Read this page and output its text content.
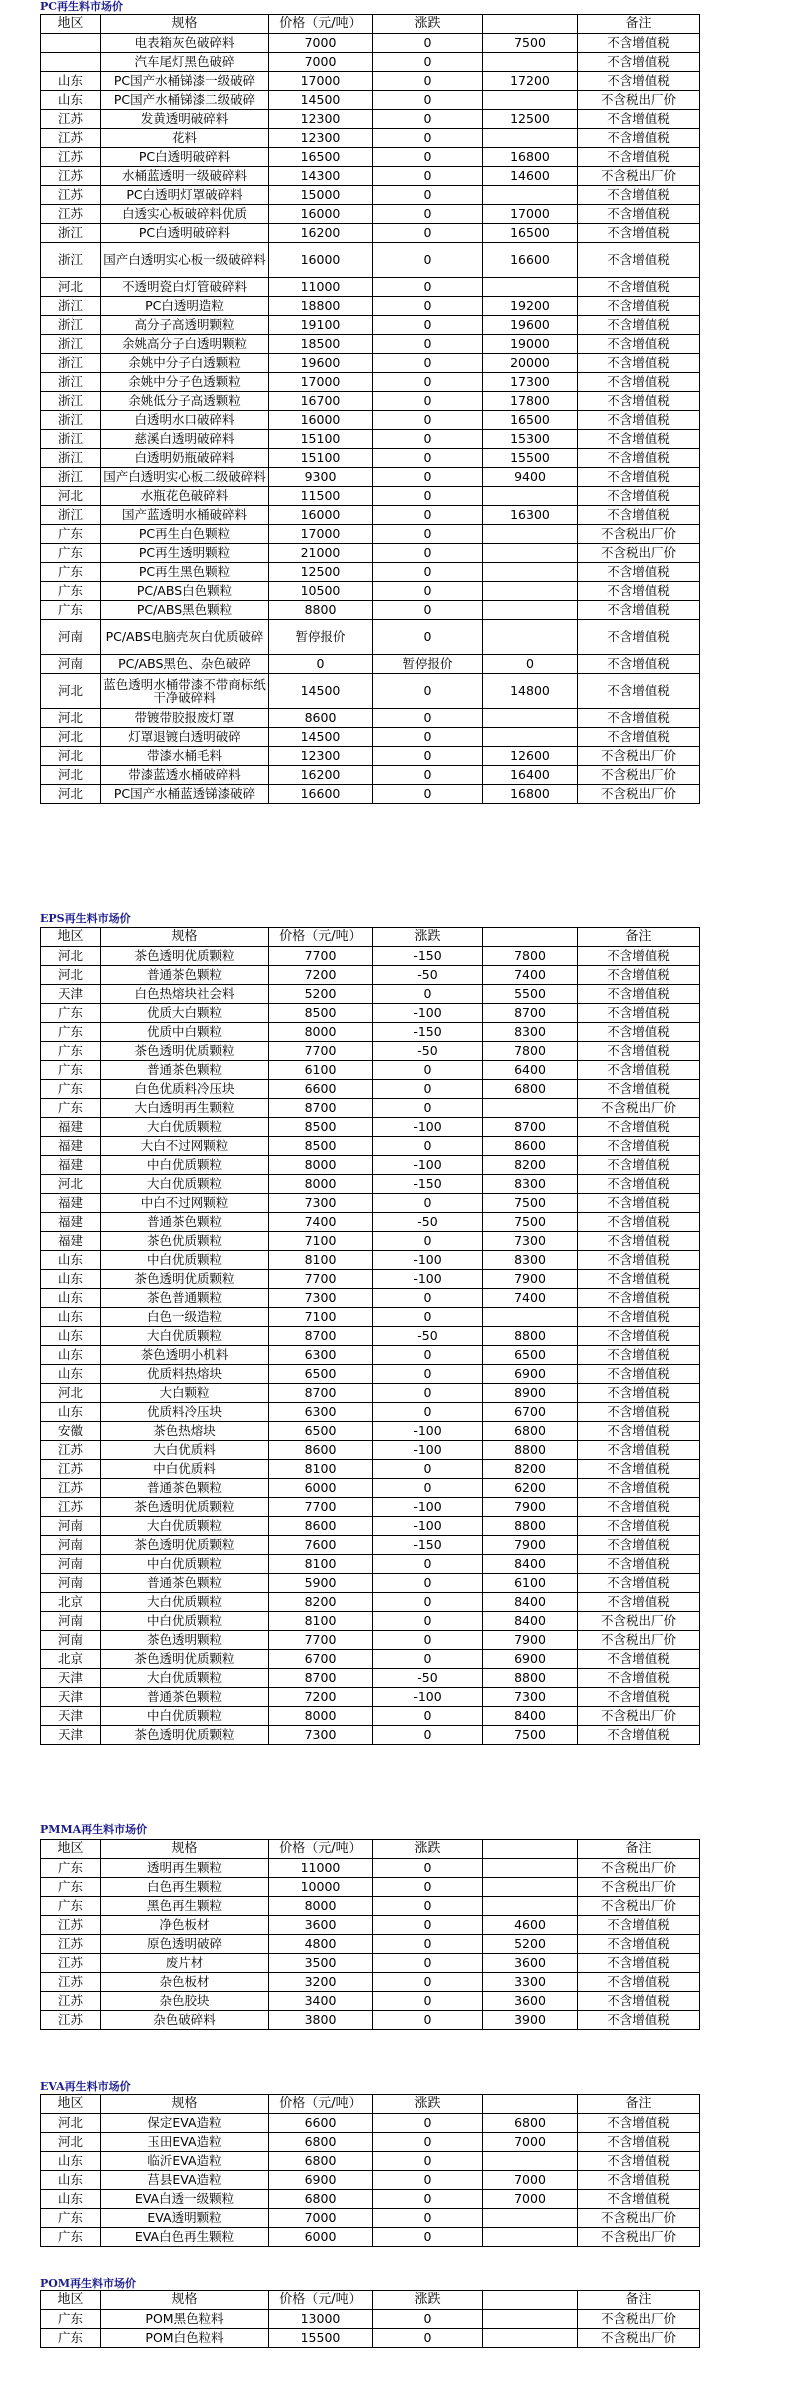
PC再生料市场价
地区	规格	价格（元/吨）	涨跌		备注
	电表箱灰色破碎料	7000	0	7500	不含增值税
	汽车尾灯黑色破碎	7000	0		不含增值税
山东	PC国产水桶锑漆一级破碎	17000	0	17200	不含增值税
山东	PC国产水桶锑漆二级破碎	14500	0		不含税出厂价
江苏	发黄透明破碎料	12300	0	12500	不含增值税
江苏	花料	12300	0		不含增值税
江苏	PC白透明破碎料	16500	0	16800	不含增值税
江苏	水桶蓝透明一级破碎料	14300	0	14600	不含税出厂价
江苏	PC白透明灯罩破碎料	15000	0		不含增值税
江苏	白透实心板破碎料优质	16000	0	17000	不含增值税
浙江	PC白透明破碎料	16200	0	16500	不含增值税
浙江	国产白透明实心板一级破碎料	16000	0	16600	不含增值税
河北	不透明瓷白灯管破碎料	11000	0		不含增值税
浙江	PC白透明造粒	18800	0	19200	不含增值税
浙江	高分子高透明颗粒	19100	0	19600	不含增值税
浙江	余姚高分子白透明颗粒	18500	0	19000	不含增值税
浙江	余姚中分子白透颗粒	19600	0	20000	不含增值税
浙江	余姚中分子色透颗粒	17000	0	17300	不含增值税
浙江	余姚低分子高透颗粒	16700	0	17800	不含增值税
浙江	白透明水口破碎料	16000	0	16500	不含增值税
浙江	慈溪白透明破碎料	15100	0	15300	不含增值税
浙江	白透明奶瓶破碎料	15100	0	15500	不含增值税
浙江	国产白透明实心板二级破碎料	9300	0	9400	不含增值税
河北	水瓶花色破碎料	11500	0		不含增值税
浙江	国产蓝透明水桶破碎料	16000	0	16300	不含增值税
广东	PC再生白色颗粒	17000	0		不含税出厂价
广东	PC再生透明颗粒	21000	0		不含税出厂价
广东	PC再生黑色颗粒	12500	0		不含增值税
广东	PC/ABS白色颗粒	10500	0		不含增值税
广东	PC/ABS黑色颗粒	8800	0		不含增值税
河南	PC/ABS电脑壳灰白优质破碎	暂停报价	0		不含增值税
河南	PC/ABS黑色、杂色破碎	0	暂停报价	0	不含增值税
河北	蓝色透明水桶带漆不带商标纸干净破碎料	14500	0	14800	不含增值税
河北	带镀带胶报废灯罩	8600	0		不含增值税
河北	灯罩退镀白透明破碎	14500	0		不含增值税
河北	带漆水桶毛料	12300	0	12600	不含税出厂价
河北	带漆蓝透水桶破碎料	16200	0	16400	不含税出厂价
河北	PC国产水桶蓝透锑漆破碎	16600	0	16800	不含税出厂价
EPS再生料市场价
地区	规格	价格（元/吨）	涨跌		备注
河北	茶色透明优质颗粒	7700	-150	7800	不含增值税
河北	普通茶色颗粒	7200	-50	7400	不含增值税
天津	白色热熔块社会料	5200	0	5500	不含增值税
广东	优质大白颗粒	8500	-100	8700	不含增值税
广东	优质中白颗粒	8000	-150	8300	不含增值税
广东	茶色透明优质颗粒	7700	-50	7800	不含增值税
广东	普通茶色颗粒	6100	0	6400	不含增值税
广东	白色优质料冷压块	6600	0	6800	不含增值税
广东	大白透明再生颗粒	8700	0		不含税出厂价
福建	大白优质颗粒	8500	-100	8700	不含增值税
福建	大白不过网颗粒	8500	0	8600	不含增值税
福建	中白优质颗粒	8000	-100	8200	不含增值税
河北	大白优质颗粒	8000	-150	8300	不含增值税
福建	中白不过网颗粒	7300	0	7500	不含增值税
福建	普通茶色颗粒	7400	-50	7500	不含增值税
福建	茶色优质颗粒	7100	0	7300	不含增值税
山东	中白优质颗粒	8100	-100	8300	不含增值税
山东	茶色透明优质颗粒	7700	-100	7900	不含增值税
山东	茶色普通颗粒	7300	0	7400	不含增值税
山东	白色一级造粒	7100	0		不含增值税
山东	大白优质颗粒	8700	-50	8800	不含增值税
山东	茶色透明小机料	6300	0	6500	不含增值税
山东	优质料热熔块	6500	0	6900	不含增值税
河北	大白颗粒	8700	0	8900	不含增值税
山东	优质料冷压块	6300	0	6700	不含增值税
安徽	茶色热熔块	6500	-100	6800	不含增值税
江苏	大白优质料	8600	-100	8800	不含增值税
江苏	中白优质料	8100	0	8200	不含增值税
江苏	普通茶色颗粒	6000	0	6200	不含增值税
江苏	茶色透明优质颗粒	7700	-100	7900	不含增值税
河南	大白优质颗粒	8600	-100	8800	不含增值税
河南	茶色透明优质颗粒	7600	-150	7900	不含增值税
河南	中白优质颗粒	8100	0	8400	不含增值税
河南	普通茶色颗粒	5900	0	6100	不含增值税
北京	大白优质颗粒	8200	0	8400	不含增值税
河南	中白优质颗粒	8100	0	8400	不含税出厂价
河南	茶色透明颗粒	7700	0	7900	不含税出厂价
北京	茶色透明优质颗粒	6700	0	6900	不含增值税
天津	大白优质颗粒	8700	-50	8800	不含增值税
天津	普通茶色颗粒	7200	-100	7300	不含增值税
天津	中白优质颗粒	8000	0	8400	不含税出厂价
天津	茶色透明优质颗粒	7300	0	7500	不含增值税
PMMA再生料市场价
地区	规格	价格（元/吨）	涨跌		备注
广东	透明再生颗粒	11000	0		不含税出厂价
广东	白色再生颗粒	10000	0		不含税出厂价
广东	黑色再生颗粒	8000	0		不含税出厂价
江苏	净色板材	3600	0	4600	不含增值税
江苏	原色透明破碎	4800	0	5200	不含增值税
江苏	废片材	3500	0	3600	不含增值税
江苏	杂色板材	3200	0	3300	不含增值税
江苏	杂色胶块	3400	0	3600	不含增值税
江苏	杂色破碎料	3800	0	3900	不含增值税
EVA再生料市场价
地区	规格	价格（元/吨）	涨跌		备注
河北	保定EVA造粒	6600	0	6800	不含增值税
河北	玉田EVA造粒	6800	0	7000	不含增值税
山东	临沂EVA造粒	6800	0		不含增值税
山东	莒县EVA造粒	6900	0	7000	不含增值税
山东	EVA白透一级颗粒	6800	0	7000	不含增值税
广东	EVA透明颗粒	7000	0		不含税出厂价
广东	EVA白色再生颗粒	6000	0		不含税出厂价
POM再生料市场价
地区	规格	价格（元/吨）	涨跌		备注
广东	POM黑色粒料	13000	0		不含税出厂价
广东	POM白色粒料	15500	0		不含税出厂价
